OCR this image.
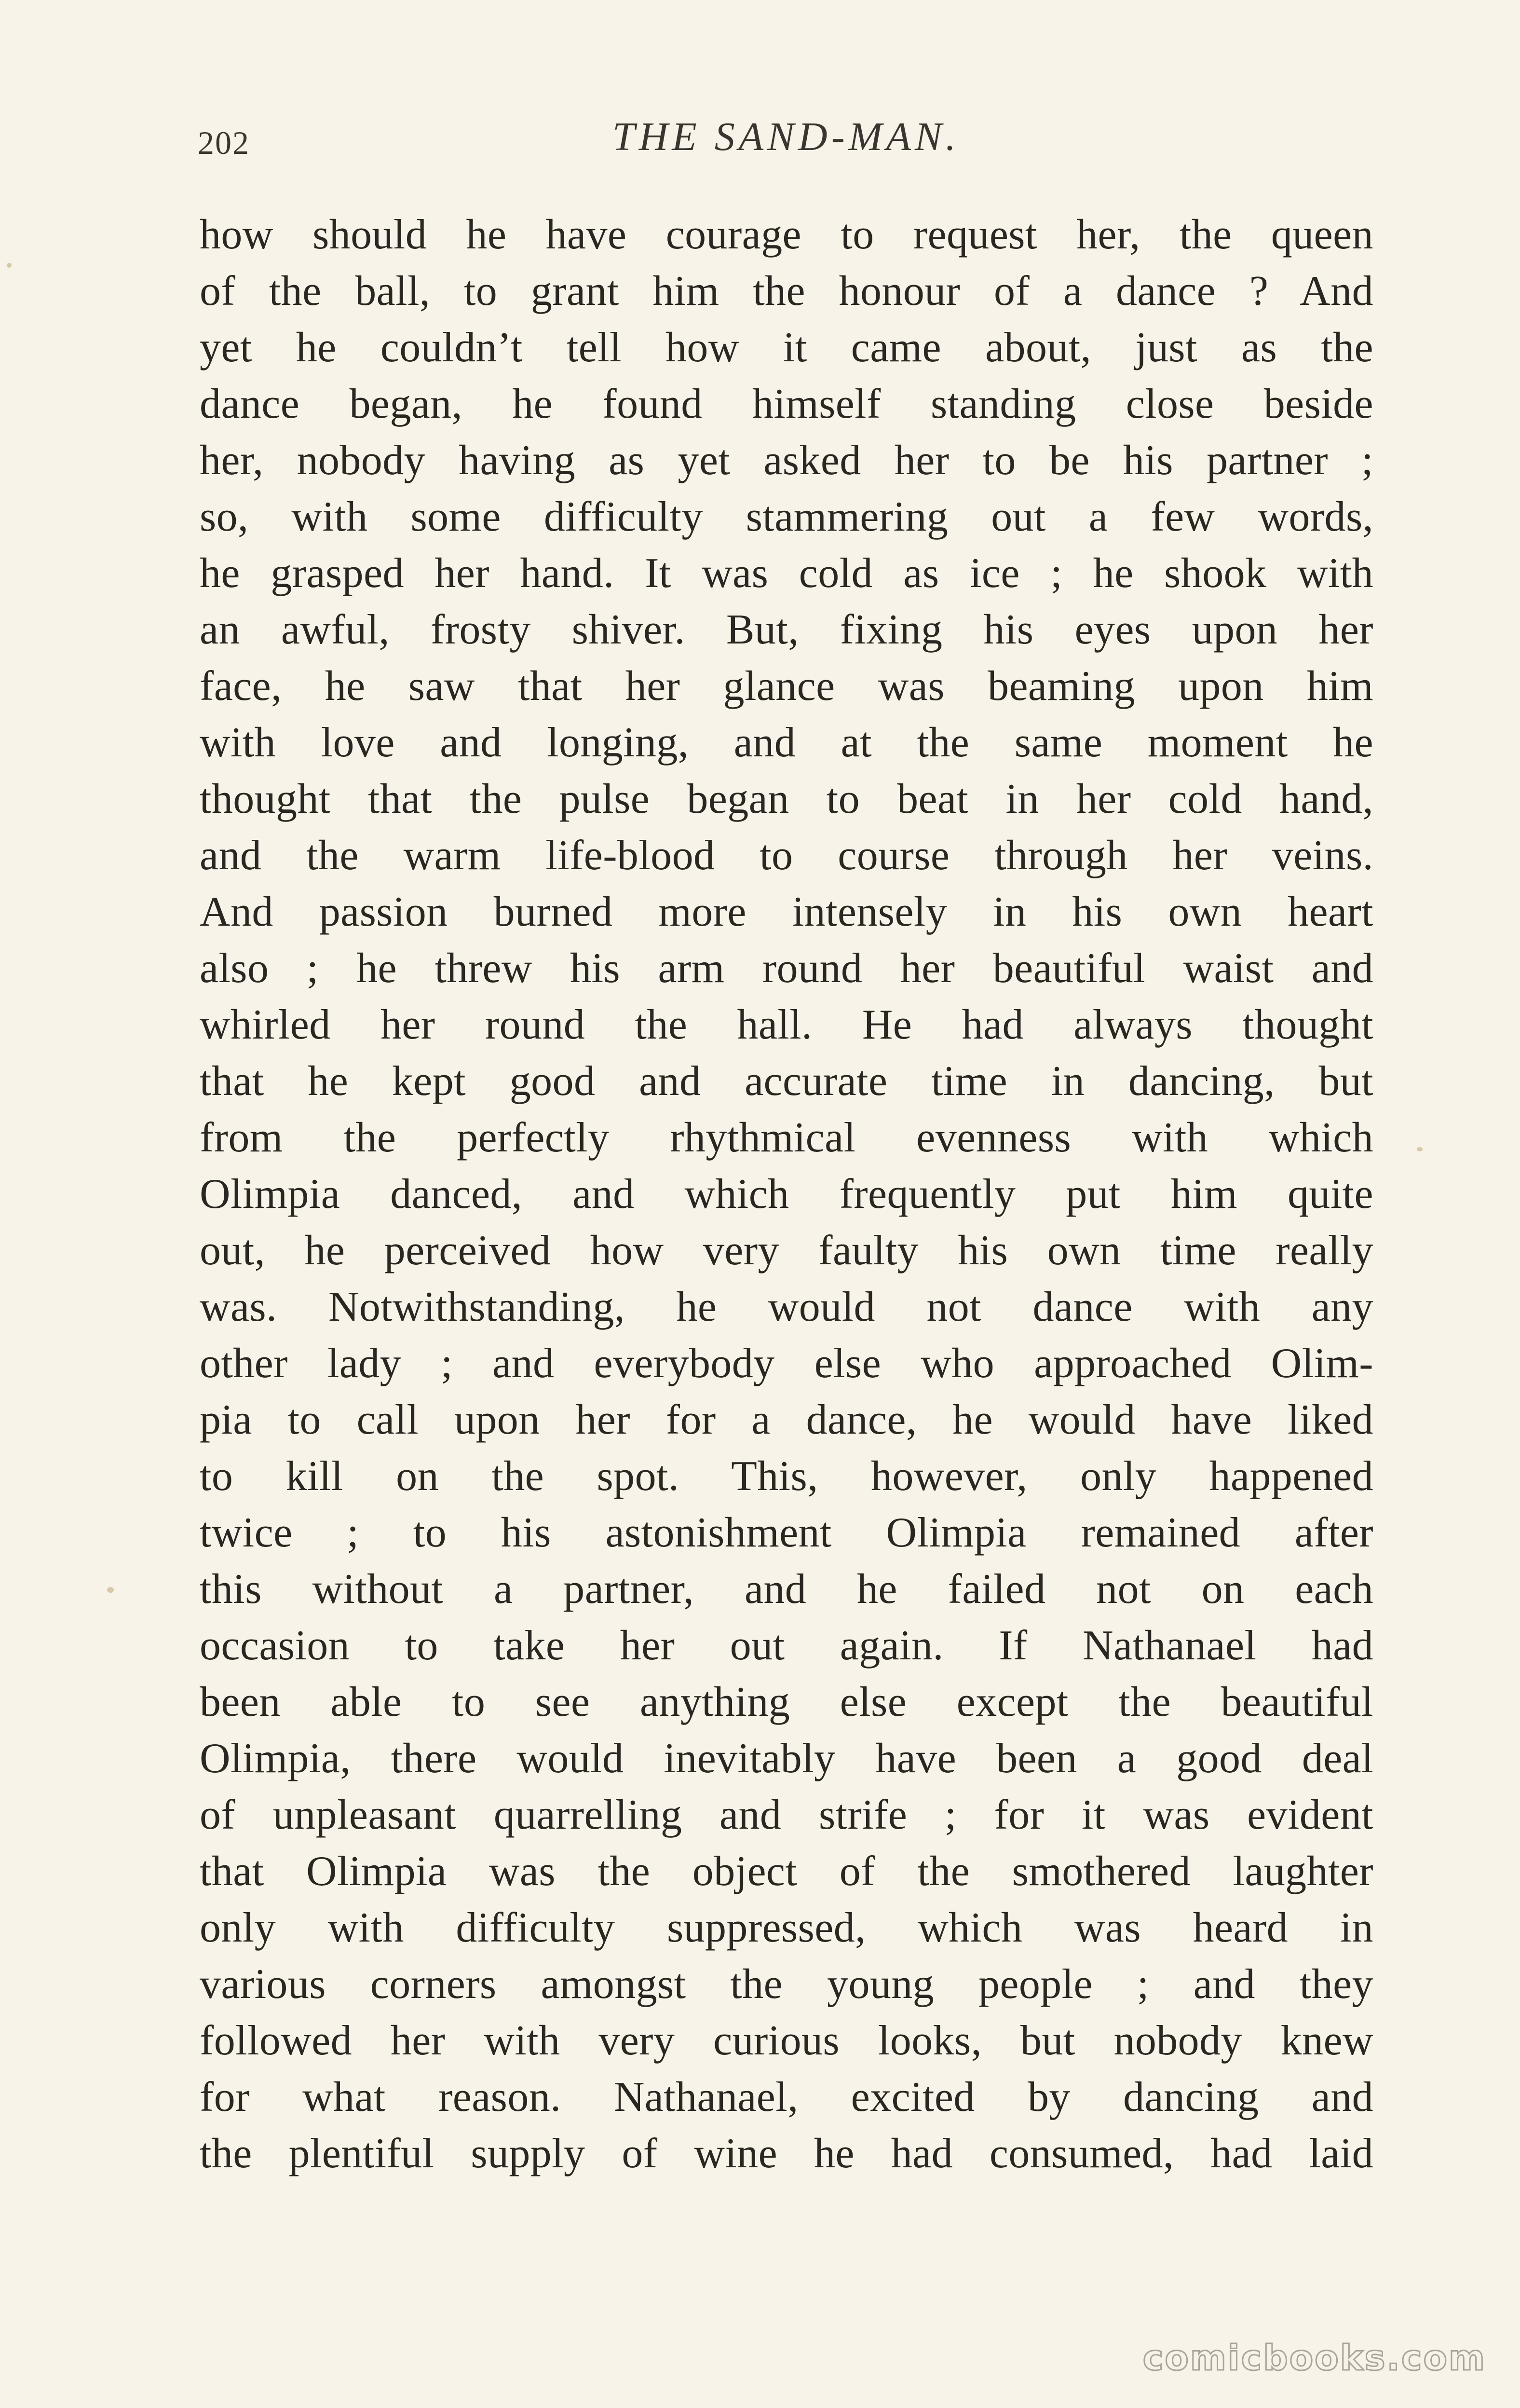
202	THE SAND-MAN.
how should he have courage to request her, the queen
of the ball, to grant him the honour of a dance ? And
yet he couldn’t tell how it came about, just as the
dance began, he found himself standing close beside
her, nobody having as yet asked her to be his partner ;
so, with some difficulty stammering out a few words,
he grasped her hand. It was cold as ice ; he shook with
an awful, frosty shiver. But, fixing his eyes upon her
face, he saw that her glance was beaming upon him
with love and longing, and at the same moment he
thought that the pulse began to beat in her cold hand,
and the warm life-blood to course through her veins.
And passion burned more intensely in his own heart
also ; he threw his arm round her beautiful waist and
whirled her round the hall. He had always thought
that he kept good and accurate time in dancing, but
from the perfectly rhythmical evenness with which
Olimpia danced, and which frequently put him quite
out, he perceived how very faulty his own time really
was. Notwithstanding, he would not dance with any
other lady ; and everybody else who approached Olim-
pia to call upon her for a dance, he would have liked
to kill on the spot. This, however, only happened
twice ; to his astonishment Olimpia remained after
this without a partner, and he failed not on each
occasion to take her out again. If Nathanael had
been able to see anything else except the beautiful
Olimpia, there would inevitably have been a good deal
of unpleasant quarrelling and strife ; for it was evident
that Olimpia was the object of the smothered laughter
only with difficulty suppressed, which was heard in
various corners amongst the young people ; and they
followed her with very curious looks, but nobody knew
for what reason. Nathanael, excited by dancing and
the plentiful supply of wine he had consumed, had laid
comicbooks.com
